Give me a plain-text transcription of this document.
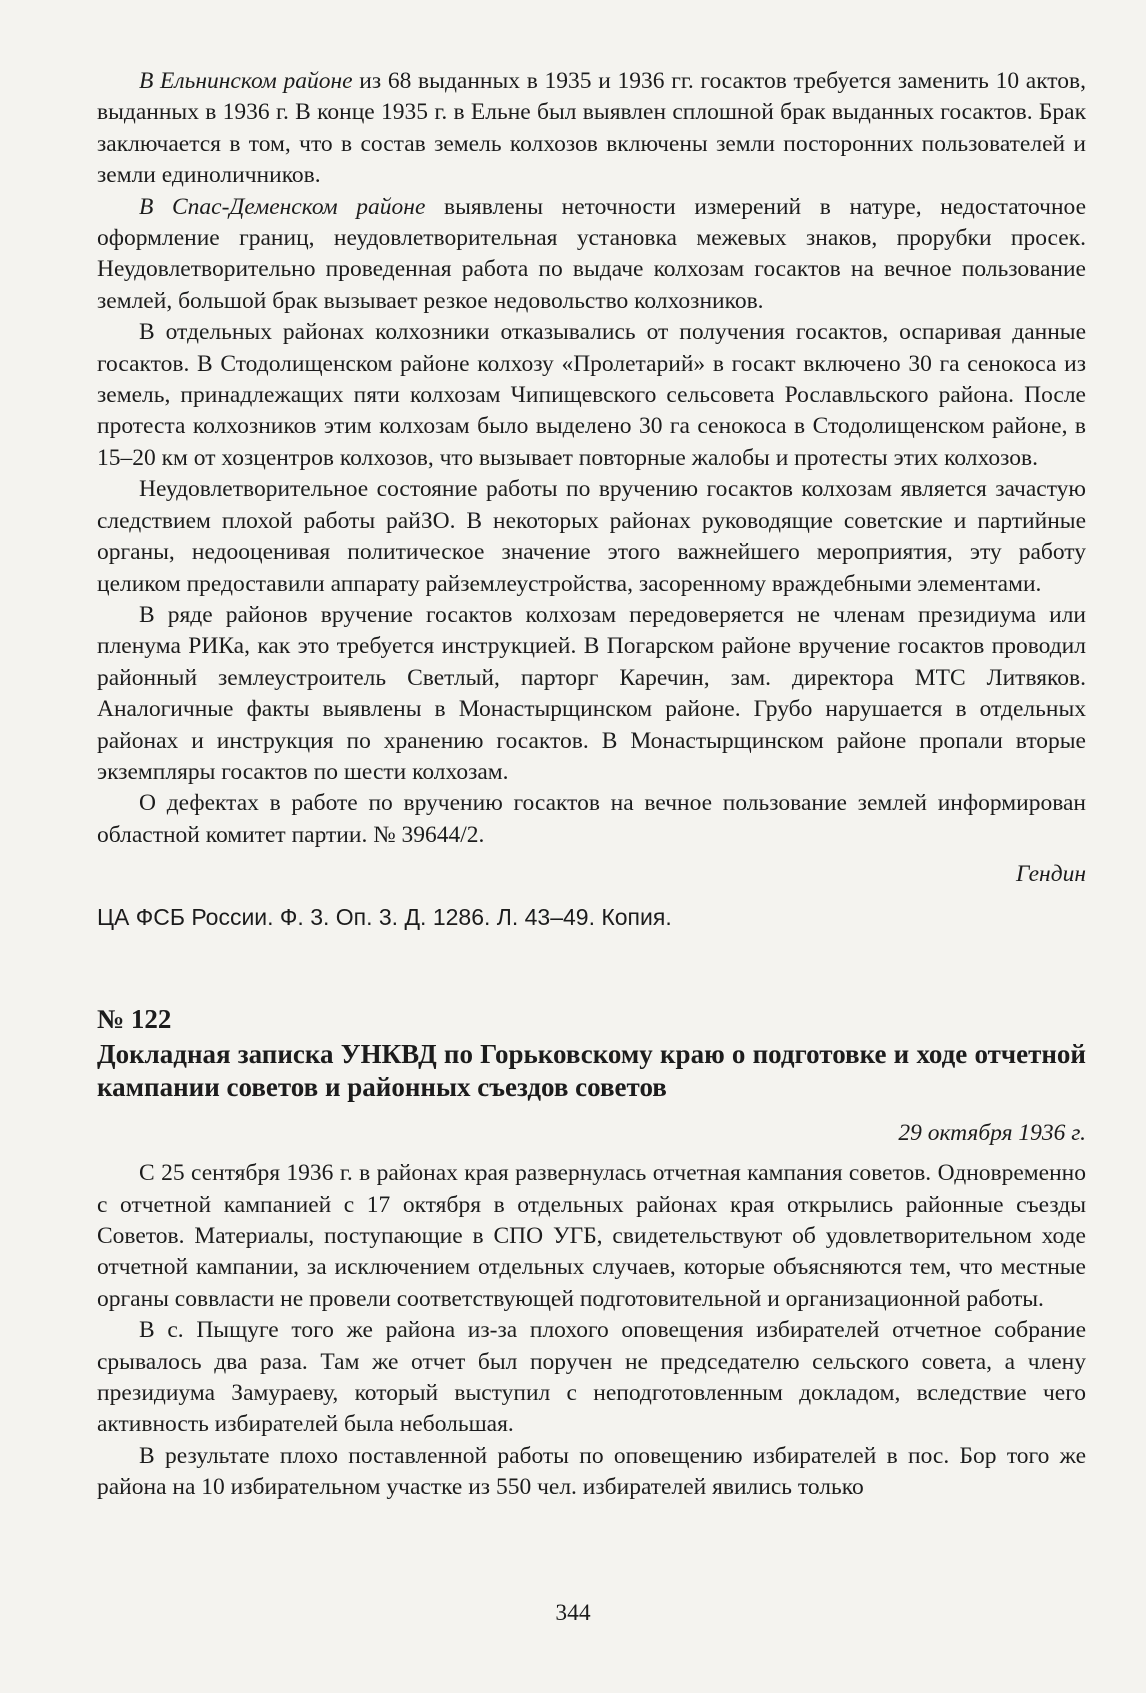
В Ельнинском районе из 68 выданных в 1935 и 1936 гг. госактов требуется заменить 10 актов, выданных в 1936 г. В конце 1935 г. в Ельне был выявлен сплошной брак выданных госактов. Брак заключается в том, что в состав земель колхозов включены земли посторонних пользователей и земли единоличников.

В Спас-Деменском районе выявлены неточности измерений в натуре, недостаточное оформление границ, неудовлетворительная установка межевых знаков, прорубки просек. Неудовлетворительно проведенная работа по выдаче колхозам госактов на вечное пользование землей, большой брак вызывает резкое недовольство колхозников.

В отдельных районах колхозники отказывались от получения госактов, оспаривая данные госактов. В Стодолищенском районе колхозу «Пролетарий» в госакт включено 30 га сенокоса из земель, принадлежащих пяти колхозам Чипищевского сельсовета Рославльского района. После протеста колхозников этим колхозам было выделено 30 га сенокоса в Стодолищенском районе, в 15–20 км от хозцентров колхозов, что вызывает повторные жалобы и протесты этих колхозов.

Неудовлетворительное состояние работы по вручению госактов колхозам является зачастую следствием плохой работы райЗО. В некоторых районах руководящие советские и партийные органы, недооценивая политическое значение этого важнейшего мероприятия, эту работу целиком предоставили аппарату райземлеустройства, засоренному враждебными элементами.

В ряде районов вручение госактов колхозам передоверяется не членам президиума или пленума РИКа, как это требуется инструкцией. В Погарском районе вручение госактов проводил районный землеустроитель Светлый, парторг Каречин, зам. директора МТС Литвяков. Аналогичные факты выявлены в Монастырщинском районе. Грубо нарушается в отдельных районах и инструкция по хранению госактов. В Монастырщинском районе пропали вторые экземпляры госактов по шести колхозам.

О дефектах в работе по вручению госактов на вечное пользование землей информирован областной комитет партии. № 39644/2.

Гендин
ЦА ФСБ России. Ф. 3. Оп. 3. Д. 1286. Л. 43–49. Копия.
№ 122
Докладная записка УНКВД по Горьковскому краю о подготовке и ходе отчетной кампании советов и районных съездов советов
29 октября 1936 г.

С 25 сентября 1936 г. в районах края развернулась отчетная кампания советов. Одновременно с отчетной кампанией с 17 октября в отдельных районах края открылись районные съезды Советов. Материалы, поступающие в СПО УГБ, свидетельствуют об удовлетворительном ходе отчетной кампании, за исключением отдельных случаев, которые объясняются тем, что местные органы соввласти не провели соответствующей подготовительной и организационной работы.

В с. Пыщуге того же района из-за плохого оповещения избирателей отчетное собрание срывалось два раза. Там же отчет был поручен не председателю сельского совета, а члену президиума Замураеву, который выступил с неподготовленным докладом, вследствие чего активность избирателей была небольшая.

В результате плохо поставленной работы по оповещению избирателей в пос. Бор того же района на 10 избирательном участке из 550 чел. избирателей явились только

344
